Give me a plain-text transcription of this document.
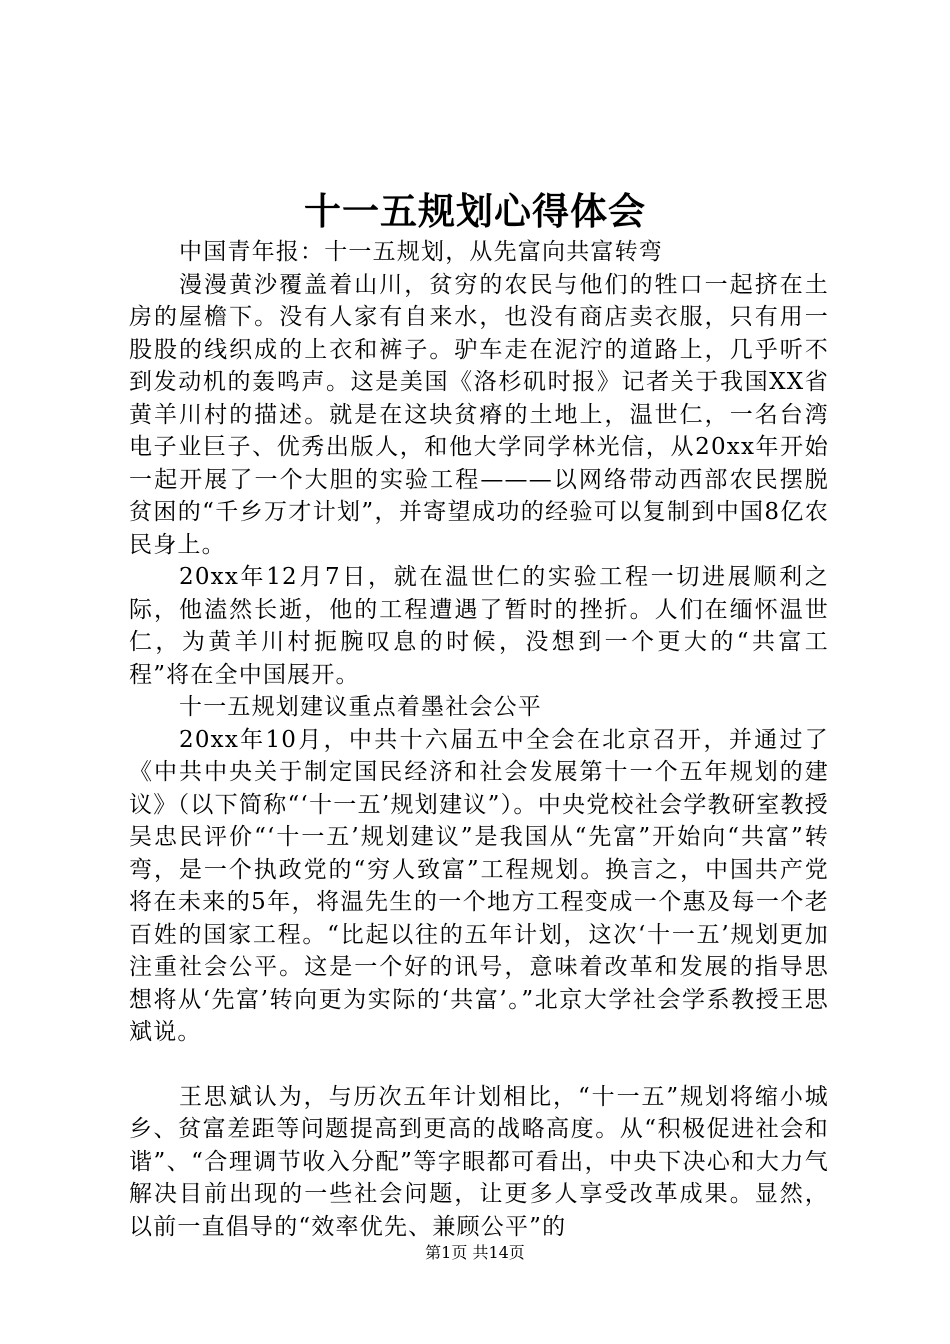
十一五规划心得体会

中国青年报：十一五规划，从先富向共富转弯

漫漫黄沙覆盖着山川，贫穷的农民与他们的牲口一起挤在土房的屋檐下。没有人家有自来水，也没有商店卖衣服，只有用一股股的线织成的上衣和裤子。驴车走在泥泞的道路上，几乎听不到发动机的轰鸣声。这是美国《洛杉矶时报》记者关于我国XX省黄羊川村的描述。就是在这块贫瘠的土地上，温世仁，一名台湾电子业巨子、优秀出版人，和他大学同学林光信，从20xx年开始一起开展了一个大胆的实验工程———以网络带动西部农民摆脱贫困的“千乡万才计划”，并寄望成功的经验可以复制到中国8亿农民身上。

20xx年12月7日，就在温世仁的实验工程一切进展顺利之际，他溘然长逝，他的工程遭遇了暂时的挫折。人们在缅怀温世仁，为黄羊川村扼腕叹息的时候，没想到一个更大的“共富工程”将在全中国展开。

十一五规划建议重点着墨社会公平

20xx年10月，中共十六届五中全会在北京召开，并通过了《中共中央关于制定国民经济和社会发展第十一个五年规划的建议》（以下简称“‘十一五’规划建议”）。中央党校社会学教研室教授吴忠民评价“‘十一五’规划建议”是我国从“先富”开始向“共富”转弯，是一个执政党的“穷人致富”工程规划。换言之，中国共产党将在未来的5年，将温先生的一个地方工程变成一个惠及每一个老百姓的国家工程。“比起以往的五年计划，这次‘十一五’规划更加注重社会公平。这是一个好的讯号，意味着改革和发展的指导思想将从‘先富’转向更为实际的‘共富’。”北京大学社会学系教授王思斌说。

王思斌认为，与历次五年计划相比，“十一五”规划将缩小城乡、贫富差距等问题提高到更高的战略高度。从“积极促进社会和谐”、“合理调节收入分配”等字眼都可看出，中央下决心和大力气解决目前出现的一些社会问题，让更多人享受改革成果。显然，以前一直倡导的“效率优先、兼顾公平”的

第1页 共14页
